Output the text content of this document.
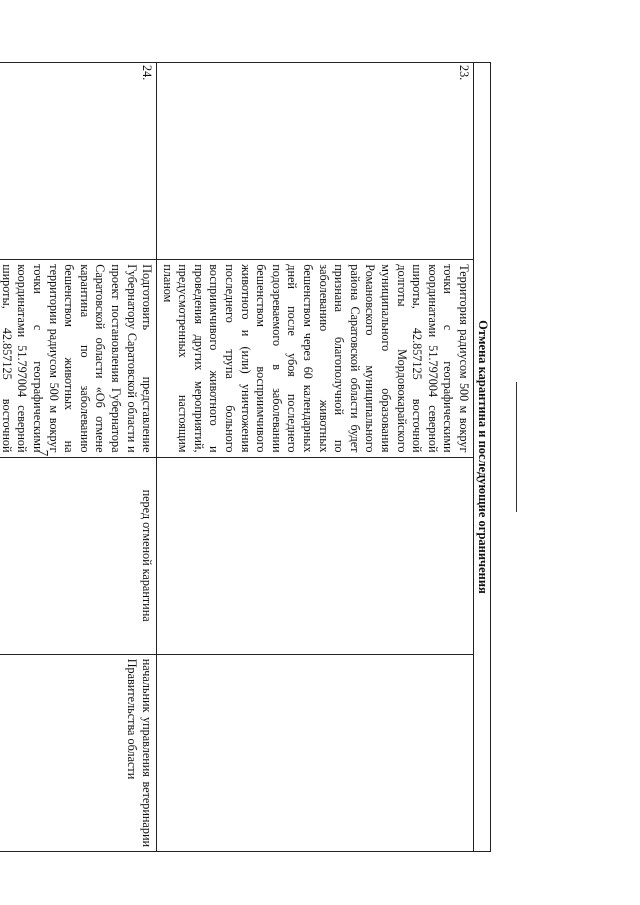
7	Отмена карантина и последующие ограничения			
23.	Территория радиусом 500 м вокруг точки с географическими координатами 51.797004 северной широты, 42.857125 восточной долготы Мордовокарайского муниципального образования Романовского муниципального района Саратовской области будет признана благополучной по заболеванию животных бешенством через 60 календарных дней после убоя последнего подозреваемого в заболевании бешенством восприимчивого животного и (или) уничтожения последнего трупа больного восприимчивого животного и проведения других мероприятий, предусмотренных настоящим планом		
24.	Подготовить представление Губернатору Саратовской области и проект постановления Губернатора Саратовской области «Об отмене карантина по заболеванию бешенством животных на территории радиусом 500 м вокруг точки с географическими координатами 51.797004 северной широты, 42.857125 восточной	перед отменой карантина	начальник управления ветеринарии Правительства области
